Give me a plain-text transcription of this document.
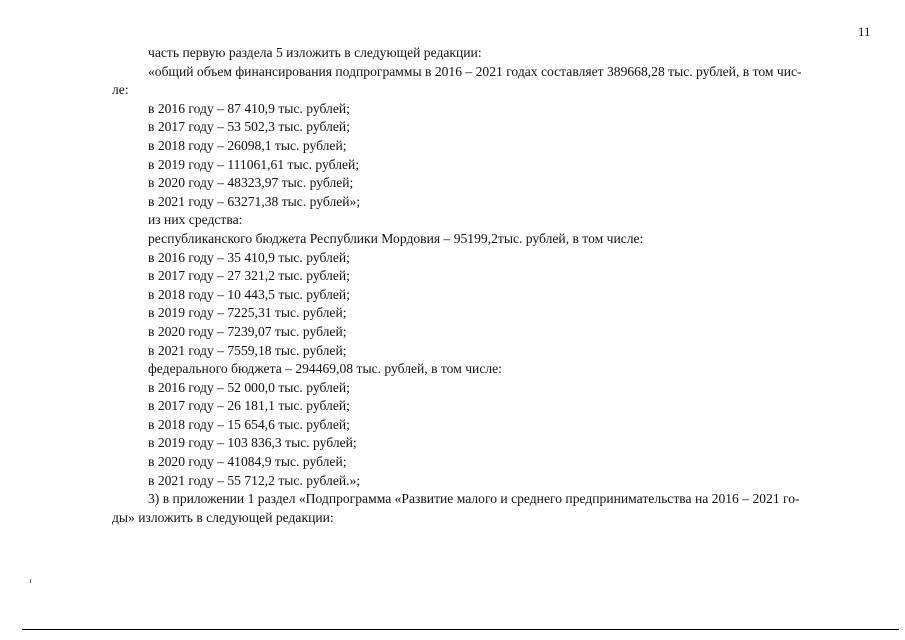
11
часть первую раздела 5 изложить в следующей редакции:
«общий объем финансирования подпрограммы в 2016 – 2021 годах составляет 389668,28 тыс. рублей, в том чис-
ле:
в 2016 году – 87 410,9 тыс. рублей;
в 2017 году – 53 502,3 тыс. рублей;
в 2018 году – 26098,1 тыс. рублей;
в 2019 году – 111061,61 тыс. рублей;
в 2020 году – 48323,97 тыс. рублей;
в 2021 году – 63271,38 тыс. рублей»;
из них средства:
республиканского бюджета Республики Мордовия – 95199,2тыс. рублей, в том числе:
в 2016 году – 35 410,9 тыс. рублей;
в 2017 году – 27 321,2 тыс. рублей;
в 2018 году – 10 443,5 тыс. рублей;
в 2019 году – 7225,31 тыс. рублей;
в 2020 году – 7239,07 тыс. рублей;
в 2021 году – 7559,18 тыс. рублей;
федерального бюджета – 294469,08 тыс. рублей, в том числе:
в 2016 году – 52 000,0 тыс. рублей;
в 2017 году – 26 181,1 тыс. рублей;
в 2018 году – 15 654,6 тыс. рублей;
в 2019 году – 103 836,3 тыс. рублей;
в 2020 году – 41084,9 тыс. рублей;
в 2021 году – 55 712,2 тыс. рублей.»;
3) в приложении 1 раздел «Подпрограмма «Развитие малого и среднего предпринимательства на 2016 – 2021 го-
ды» изложить в следующей редакции:
